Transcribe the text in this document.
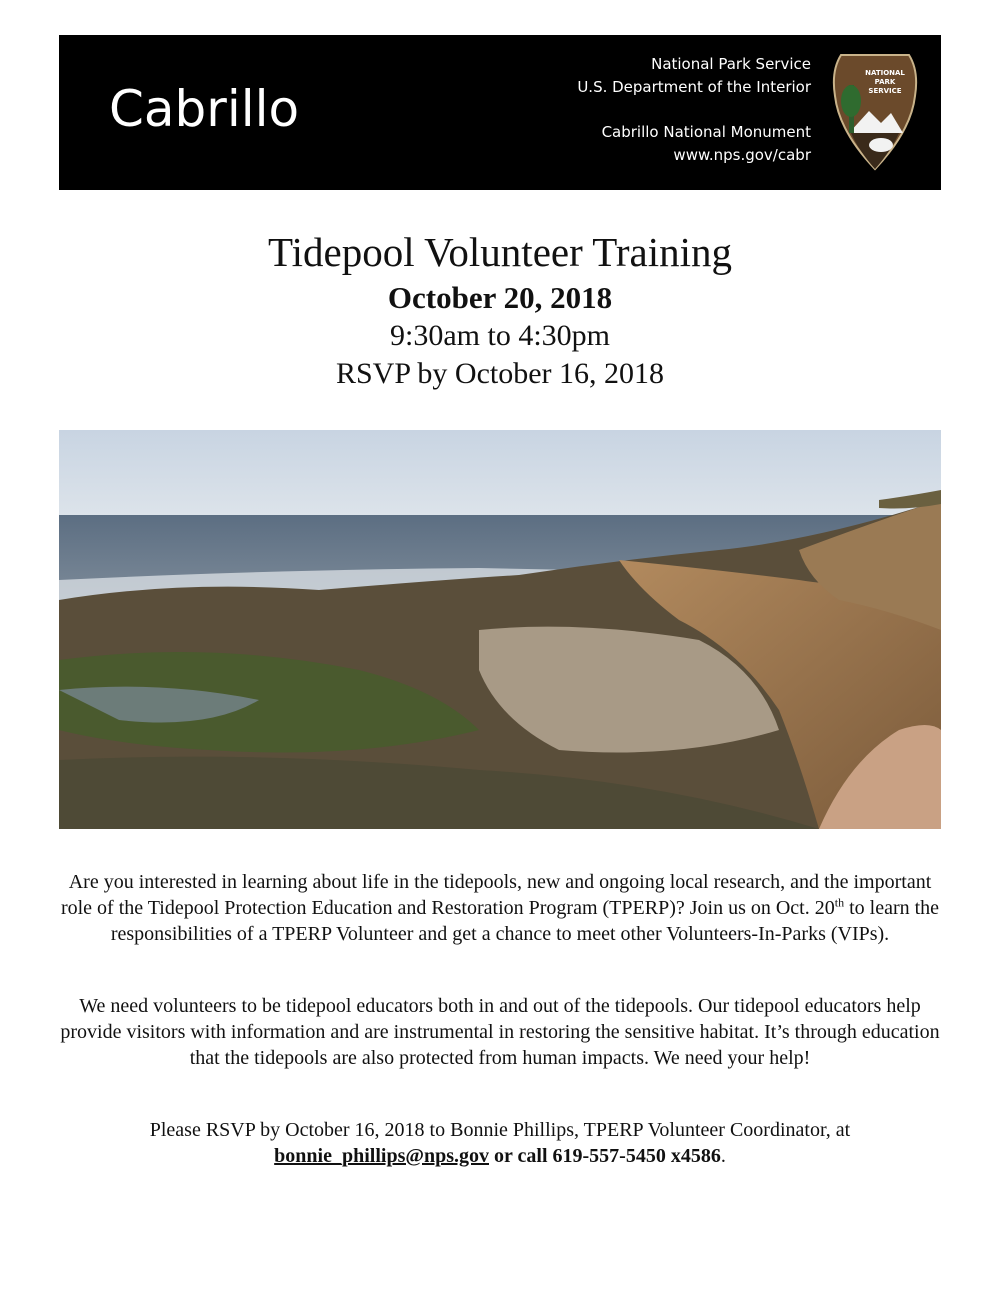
Cabrillo
National Park Service
U.S. Department of the Interior
Cabrillo National Monument
www.nps.gov/cabr
NATIONAL
PARK
SERVICE
Tidepool Volunteer Training
October 20, 2018
9:30am to 4:30pm
RSVP by October 16, 2018
Are you interested in learning about life in the tidepools, new and ongoing local research, and the important role of the Tidepool Protection Education and Restoration Program (TPERP)? Join us on Oct. 20th to learn the responsibilities of a TPERP Volunteer and get a chance to meet other Volunteers-In-Parks (VIPs).
We need volunteers to be tidepool educators both in and out of the tidepools. Our tidepool educators help provide visitors with information and are instrumental in restoring the sensitive habitat. It’s through education that the tidepools are also protected from human impacts. We need your help!
Please RSVP by October 16, 2018 to Bonnie Phillips, TPERP Volunteer Coordinator, at
bonnie_phillips@nps.gov or call 619-557-5450 x4586.
